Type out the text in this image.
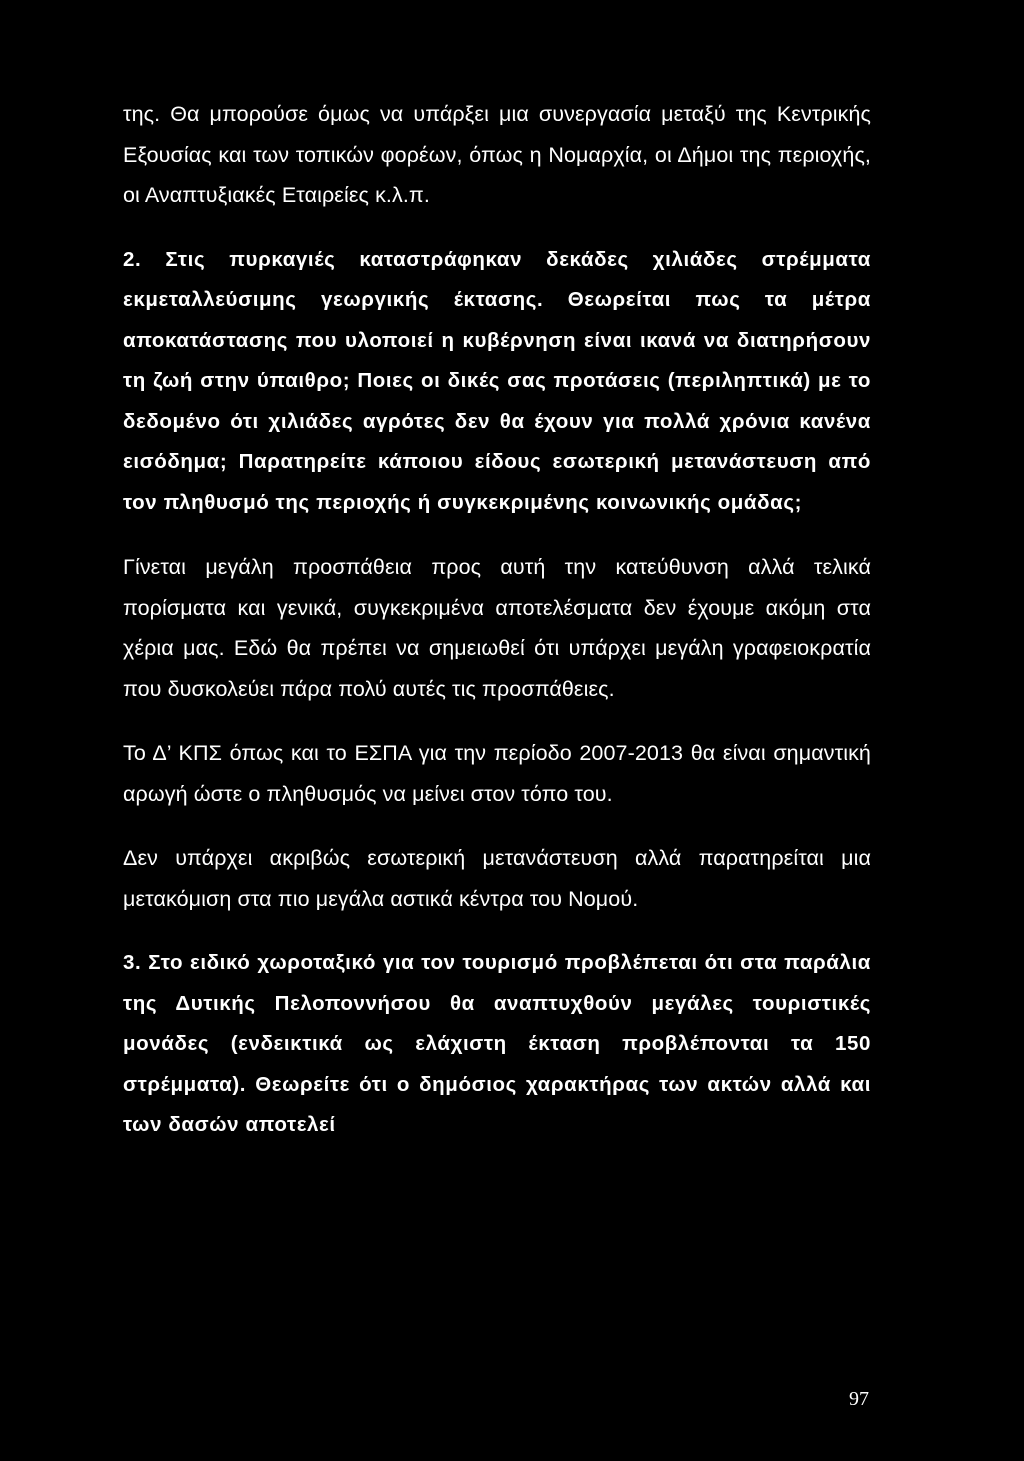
της. Θα μπορούσε όμως να υπάρξει μια συνεργασία μεταξύ της Κεντρικής Εξουσίας και των τοπικών φορέων, όπως η Νομαρχία, οι Δήμοι της περιοχής, οι Αναπτυξιακές Εταιρείες κ.λ.π.

2. Στις πυρκαγιές καταστράφηκαν δεκάδες χιλιάδες στρέμματα εκμεταλλεύσιμης γεωργικής έκτασης. Θεωρείται πως τα μέτρα αποκατάστασης που υλοποιεί η κυβέρνηση είναι ικανά να διατηρήσουν τη ζωή στην ύπαιθρο; Ποιες οι δικές σας προτάσεις (περιληπτικά) με το δεδομένο ότι χιλιάδες αγρότες δεν θα έχουν για πολλά χρόνια κανένα εισόδημα; Παρατηρείτε κάποιου είδους εσωτερική μετανάστευση από τον πληθυσμό της περιοχής ή συγκεκριμένης κοινωνικής ομάδας;

Γίνεται μεγάλη προσπάθεια προς αυτή την κατεύθυνση αλλά τελικά πορίσματα και γενικά, συγκεκριμένα αποτελέσματα δεν έχουμε ακόμη στα χέρια μας. Εδώ θα πρέπει να σημειωθεί ότι υπάρχει μεγάλη γραφειοκρατία που δυσκολεύει πάρα πολύ αυτές τις προσπάθειες.

Το Δ’ ΚΠΣ όπως και το ΕΣΠΑ για την περίοδο 2007-2013 θα είναι σημαντική αρωγή ώστε ο πληθυσμός να μείνει στον τόπο του.

Δεν υπάρχει ακριβώς εσωτερική μετανάστευση αλλά παρατηρείται μια μετακόμιση στα πιο μεγάλα αστικά κέντρα του Νομού.

3. Στο ειδικό χωροταξικό για τον τουρισμό προβλέπεται ότι στα παράλια της Δυτικής Πελοποννήσου θα αναπτυχθούν μεγάλες τουριστικές μονάδες (ενδεικτικά ως ελάχιστη έκταση προβλέπονται τα 150 στρέμματα). Θεωρείτε ότι ο δημόσιος χαρακτήρας των ακτών αλλά και των δασών αποτελεί

97
